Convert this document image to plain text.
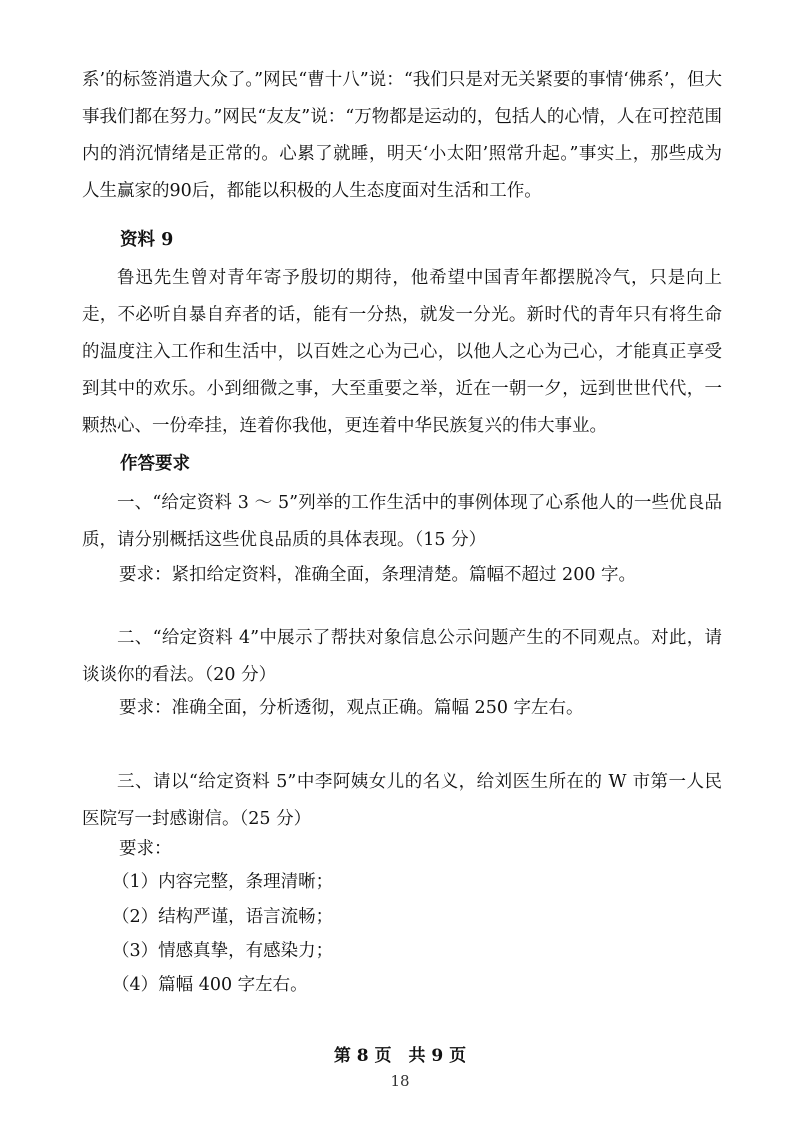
系’的标签消遣大众了。”网民“曹十八”说：“我们只是对无关紧要的事情‘佛系’，但大事我们都在努力。”网民“友友”说：“万物都是运动的，包括人的心情，人在可控范围内的消沉情绪是正常的。心累了就睡，明天‘小太阳’照常升起。”事实上，那些成为人生赢家的90后，都能以积极的人生态度面对生活和工作。

资料 9

鲁迅先生曾对青年寄予殷切的期待，他希望中国青年都摆脱冷气，只是向上走，不必听自暴自弃者的话，能有一分热，就发一分光。新时代的青年只有将生命的温度注入工作和生活中，以百姓之心为己心，以他人之心为己心，才能真正享受到其中的欢乐。小到细微之事，大至重要之举，近在一朝一夕，远到世世代代，一颗热心、一份牵挂，连着你我他，更连着中华民族复兴的伟大事业。

作答要求

一、“给定资料 3 ～ 5”列举的工作生活中的事例体现了心系他人的一些优良品质，请分别概括这些优良品质的具体表现。（15 分）

要求：紧扣给定资料，准确全面，条理清楚。篇幅不超过 200 字。

二、“给定资料 4”中展示了帮扶对象信息公示问题产生的不同观点。对此，请谈谈你的看法。（20 分）

要求：准确全面，分析透彻，观点正确。篇幅 250 字左右。

三、请以“给定资料 5”中李阿姨女儿的名义，给刘医生所在的 W 市第一人民医院写一封感谢信。（25 分）

要求：

（1）内容完整，条理清晰；

（2）结构严谨，语言流畅；

（3）情感真挚，有感染力；

（4）篇幅 400 字左右。

第 8 页　共 9 页

18
